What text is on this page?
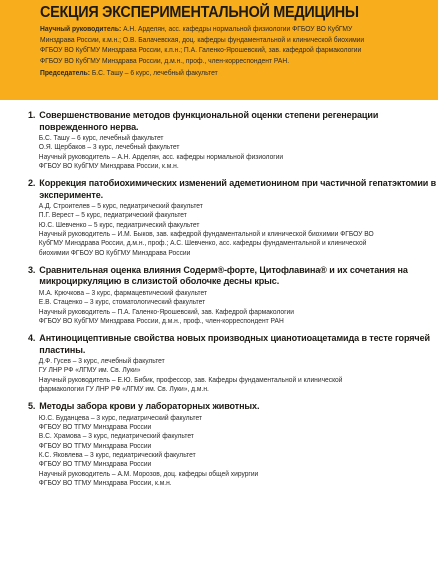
СЕКЦИЯ ЭКСПЕРИМЕНТАЛЬНОЙ МЕДИЦИНЫ
Научный руководитель: А.Н. Арделян, асс. кафедры нормальной физиологии ФГБОУ ВО КубГМУ
Минздрава России, к.м.н.; О.В. Балачевская, доц. кафедры фундаментальной и клинической биохимии
ФГБОУ ВО КубГМУ Минздрава России, к.п.н.; П.А. Галенко-Ярошевский, зав. кафедрой фармакологии
ФГБОУ ВО КубГМУ Минздрава России, д.м.н., проф., член-корреспондент РАН.
Председатель: Б.С. Ташу – 6 курс, лечебный факультет
1. Совершенствование методов функциональной оценки степени регенерации поврежденного нерва.
Б.С. Ташу – 6 курс, лечебный факультет
О.Я. Щербаков – 3 курс, лечебный факультет
Научный руководитель – А.Н. Арделян, асс. кафедры нормальной физиологии
ФГБОУ ВО КубГМУ Минздрава России, к.м.н.
2. Коррекция патобиохимических изменений адеметионином при частичной гепатэктомии в эксперименте.
А.Д. Строителев – 5 курс, педиатрический факультет
П.Г. Верест – 5 курс, педиатрический факультет
Ю.С. Шевченко – 5 курс, педиатрический факультет
Научный руководитель – И.М. Быков, зав. кафедрой фундаментальной и клинической биохимии ФГБОУ ВО
КубГМУ Минздрава России, д.м.н., проф.; А.С. Шевченко, асс. кафедры фундаментальной и клинической
биохимии ФГБОУ ВО КубГМУ Минздрава России
3. Сравнительная оценка влияния Содерм®-форте, Цитофлавина® и их сочетания на микроциркуляцию в слизистой оболочке десны крыс.
М.А. Крючкова – 3 курс, фармацевтический факультет
Е.В. Стаценко – 3 курс, стоматологический факультет
Научный руководитель – П.А. Галенко-Ярошевский, зав. Кафедрой фармакологии
ФГБОУ ВО КубГМУ Минздрава России, д.м.н., проф., член-корреспондент РАН
4. Антиноцицептивные свойства новых производных цианотиоацетамида в тесте горячей пластины.
Д.Ф. Гусев – 3 курс, лечебный факультет
ГУ ЛНР РФ «ЛГМУ им. Св. Луки»
Научный руководитель – Е.Ю. Бибик, профессор, зав. Кафедры фундаментальной и клинической
фармакологии ГУ ЛНР РФ «ЛГМУ им. Св. Луки», д.м.н.
5. Методы забора крови у лабораторных животных.
Ю.С. Буданцева – 3 курс, педиатрический факультет
ФГБОУ ВО ТГМУ Минздрава России
В.С. Храмова – 3 курс, педиатрический факультет
ФГБОУ ВО ТГМУ Минздрава России
К.С. Яковлева – 3 курс, педиатрический факультет
ФГБОУ ВО ТГМУ Минздрава России
Научный руководитель – А.М. Морозов, доц. кафедры общей хирургии
ФГБОУ ВО ТГМУ Минздрава России, к.м.н.
